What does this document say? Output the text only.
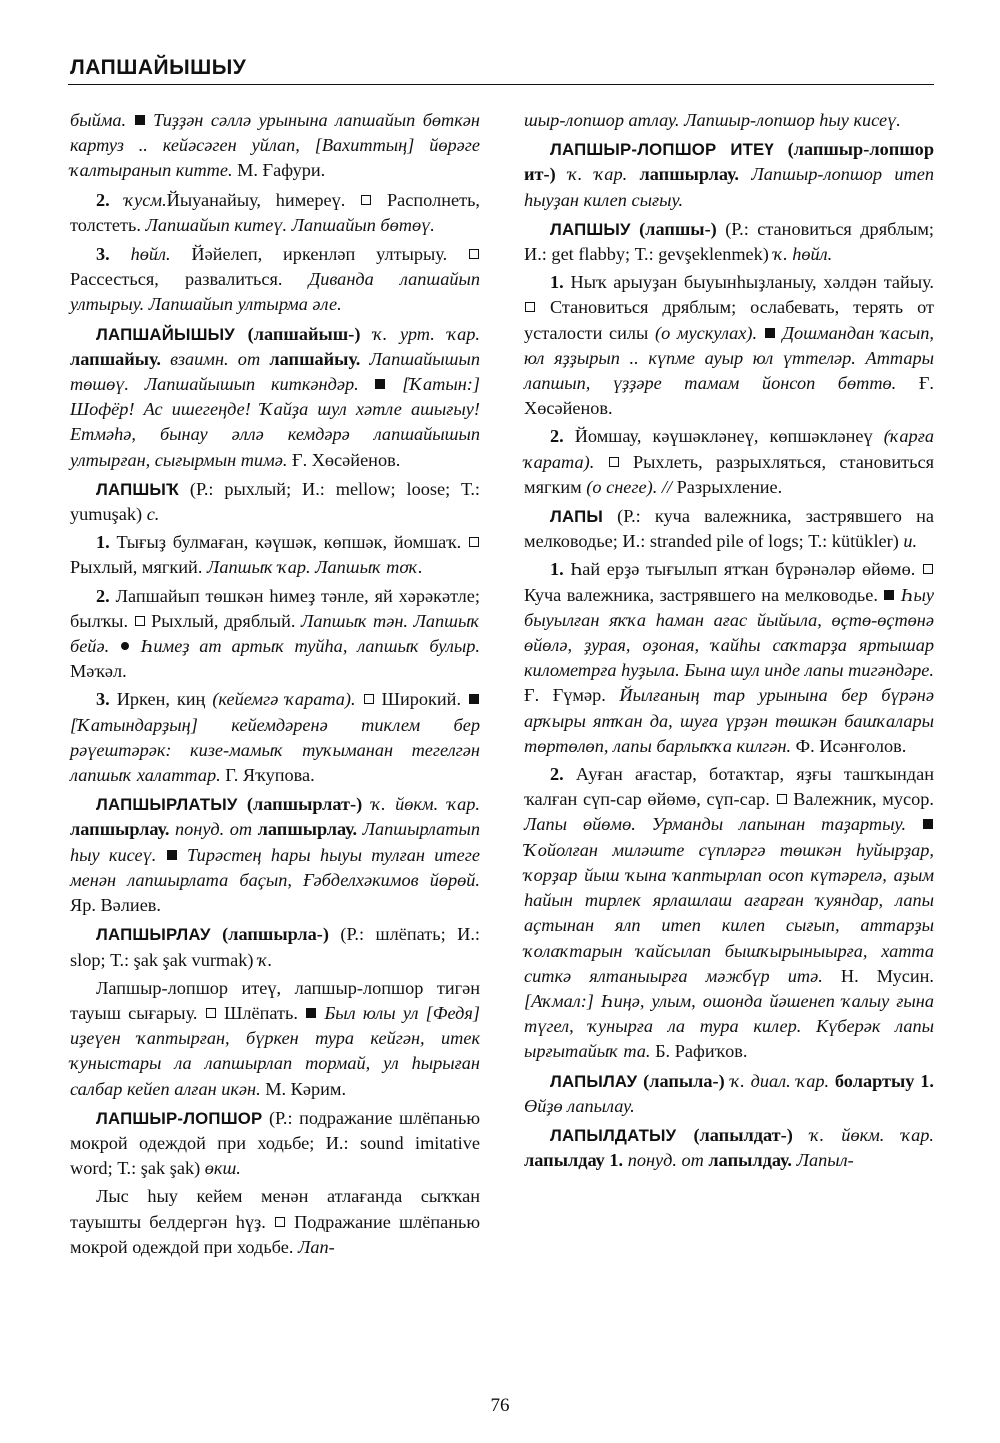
ЛАПШАЙЫШЫУ

быйма. Тиҙҙән сәллә урынына лапшайып бөткән картуз .. кейәсәген уйлап, [Вахиттың] йөрәге ҡалтыранып китте. М. Ғафури.

2. ҡусм.Йыуанайыу, һимереү. Располнеть, толстеть. Лапшайып китеү. Лапшайып бөтөү.

3. һөйл. Йәйелеп, иркенләп ултырыу.  Рассесться, развалиться. Диванда лапшайып ултырыу. Лапшайып ултырма әле.

ЛАПШАЙЫШЫУ (лапшайыш-) ҡ. урт. ҡар. лапшайыу. взаимн. от лапшайыу. Лапшайышып төшөү. Лапшайышып киткәндәр. [Ҡатын:] Шофёр! Ас ишегеңде! Ҡайҙа шул хәтле ашығыу! Етмәһә, бынау әллә кемдәрә лапшайышып ултырған, сығырмын тимә. Ғ. Хөсәйенов.

ЛАПШЫҠ (Р.: рыхлый; И.: mellow; loose; Т.: yumuşak) с.

1. Тығыҙ булмаған, кәүшәк, көпшәк, йомшаҡ.  Рыхлый, мягкий. Лапшыҡ ҡар. Лапшыҡ тоҡ.

2. Лапшайып төшкән һимеҙ тәнле, яй хәрәкәтле; былҡы. Рыхлый, дряблый. Лапшыҡ тән. Лапшыҡ бейә. Һимеҙ ат артыҡ туйһа, лапшыҡ булыр. Мәҡәл.

3. Иркен, киң (кейемгә ҡарата). Широкий.  [Ҡатындарҙың] кейемдәренә тиклем бер рәүештәрәк: кизе-мамыҡ туҡыманан тегелгән лапшыҡ халаттар. Г. Яҡупова.

ЛАПШЫРЛАТЫУ (лапшырлат-) ҡ. йөкм. ҡар. лапшырлау. понуд. от лапшырлау. Лапшырлатып һыу кисеү. Тирәстең һары һыуы тулған итеге менән лапшырлата баҫып, Ғәбделхәкимов йөрөй. Яр. Вәлиев.

ЛАПШЫРЛАУ (лапшырла-) (Р.: шлёпать; И.: slop; Т.: şak şak vurmak) ҡ.

Лапшыр-лопшор итеү, лапшыр-лопшор тигән тауыш сығарыу. Шлёпать. Был юлы ул [Федя] иҙеүен ҡаптырған, бүркен тура кейгән, итек ҡуныстары ла лапшырлап тормай, ул һырыған салбар кейеп алған икән. М. Кәрим.

ЛАПШЫР-ЛОПШОР (Р.: подражание шлёпанью мокрой одеждой при ходьбе; И.: sound imitative word; Т.: şak şak) өкш.

Лыс һыу кейем менән атлағанда сыҡҡан тауышты белдергән һүҙ. Подражание шлёпанью мокрой одеждой при ходьбе. Лап-

шыр-лопшор атлау. Лапшыр-лопшор һыу кисеү.

ЛАПШЫР-ЛОПШОР ИТЕҮ (лапшыр-лопшор ит-) ҡ. ҡар. лапшырлау. Лапшыр-лопшор итеп һыуҙан килеп сығыу.

ЛАПШЫУ (лапшы-) (Р.: становиться дряблым; И.: get flabby; Т.: gevşeklenmek) ҡ. һөйл.

1. Ныҡ арыуҙан быуынһыҙланыу, хәлдән тайыу.  Становиться дряблым; ослабевать, терять от усталости силы (о мускулах). Дошмандан ҡасып, юл яҙҙырып .. күпме ауыр юл үттеләр. Аттары лапшып, үҙҙәре тамам йонсоп бөттө. Ғ. Хөсәйенов.

2. Йомшау, кәүшәкләнеү, көпшәкләнеү (ҡарға ҡарата). Рыхлеть, разрыхляться, становиться мягким (о снеге). // Разрыхление.

ЛАПЫ (Р.: куча валежника, застрявшего на мелководье; И.: stranded pile of logs; Т.: kütükler) и.

1. Һай ерҙә тығылып ятҡан бүрәнәләр өйөмө.  Куча валежника, застрявшего на мелководье. Һыу быуылған яҡҡа һаман ағас йыйыла, өҫтө-өҫтөнә өйөлә, ҙурая, оҙоная, ҡайһы саҡтарҙа яртышар километрға һуҙыла. Бына шул инде лапы тигәндәре. Ғ. Ғүмәр. Йылғаның тар урынына бер бүрәнә арҡыры ятҡан да, шуға үрҙән төшкән башҡалары төртөлөп, лапы барлыҡҡа килгән. Ф. Исәнғолов.

2. Ауған ағастар, ботаҡтар, яҙғы ташҡындан ҡалған сүп-сар өйөмө, сүп-сар. Валежник, мусор. Лапы өйөмө. Урманды лапынан таҙартыу.  Ҡойолған миләште сүпләргә төшкән һуйырҙар, ҡорҙар йыш ҡына ҡаптырлап осоп күтәрелә, аҙым һайын тирлек ярлашлаш ағарған ҡуяндар, лапы аҫтынан ялп итеп килеп сығып, аттарҙы ҡолаҡтарын ҡайсылап бышҡырыныырға, хатта ситкә ялтаныырға мәжбүр итә. Н. Мусин. [Аҡмал:] Һиңә, улым, ошонда йәшенеп ҡалыу ғына түгел, ҡунырға ла тура килер. Күберәк лапы ырғытайыҡ та. Б. Рафиҡов.

ЛАПЫЛАУ (лапыла-) ҡ. диал. ҡар. болартыу 1. Өйҙө лапылау.

ЛАПЫЛДАТЫУ (лапылдат-) ҡ. йөкм. ҡар. лапылдау 1. понуд. от лапылдау. Лапыл-

76
